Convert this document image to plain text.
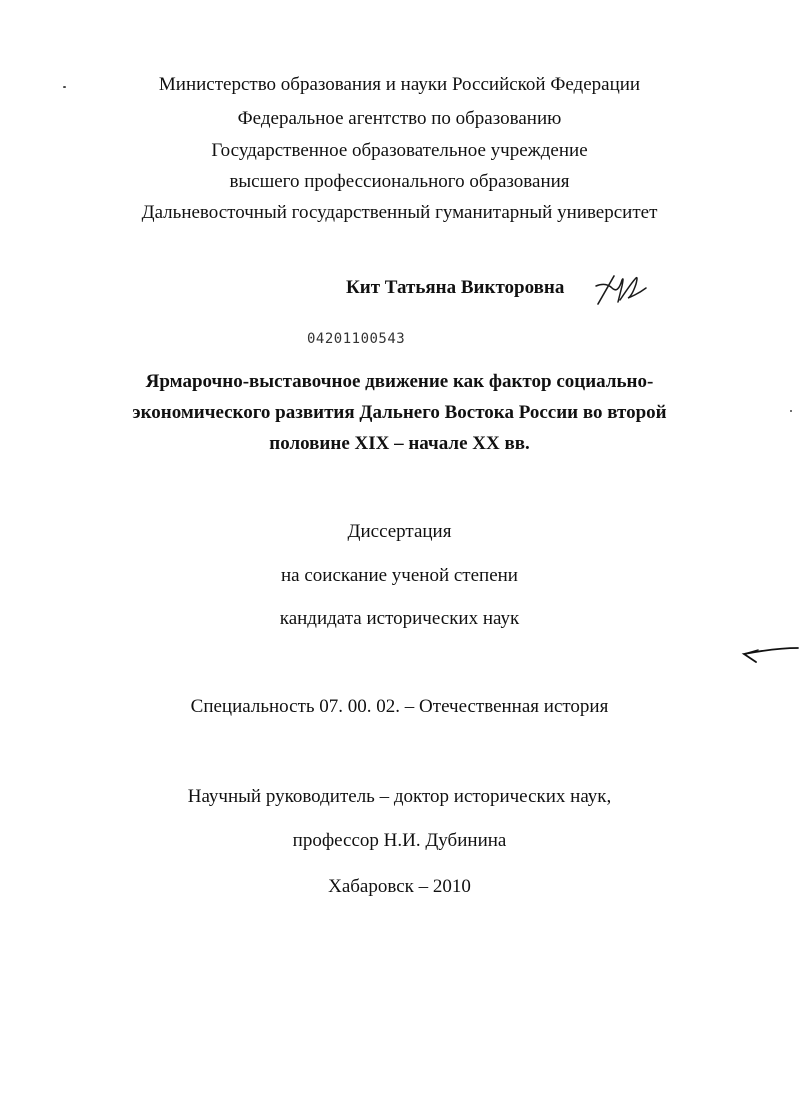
Министерство образования и науки Российской Федерации
Федеральное агентство по образованию
Государственное образовательное учреждение
высшего профессионального образования
Дальневосточный государственный гуманитарный университет
Кит Татьяна Викторовна
04201100543
Ярмарочно-выставочное движение как фактор социально-
экономического развития Дальнего Востока России во второй
половине XIX – начале XX вв.
Диссертация
на соискание ученой степени
кандидата исторических наук
Специальность 07. 00. 02. – Отечественная история
Научный руководитель – доктор исторических наук,
профессор Н.И. Дубинина
Хабаровск – 2010
